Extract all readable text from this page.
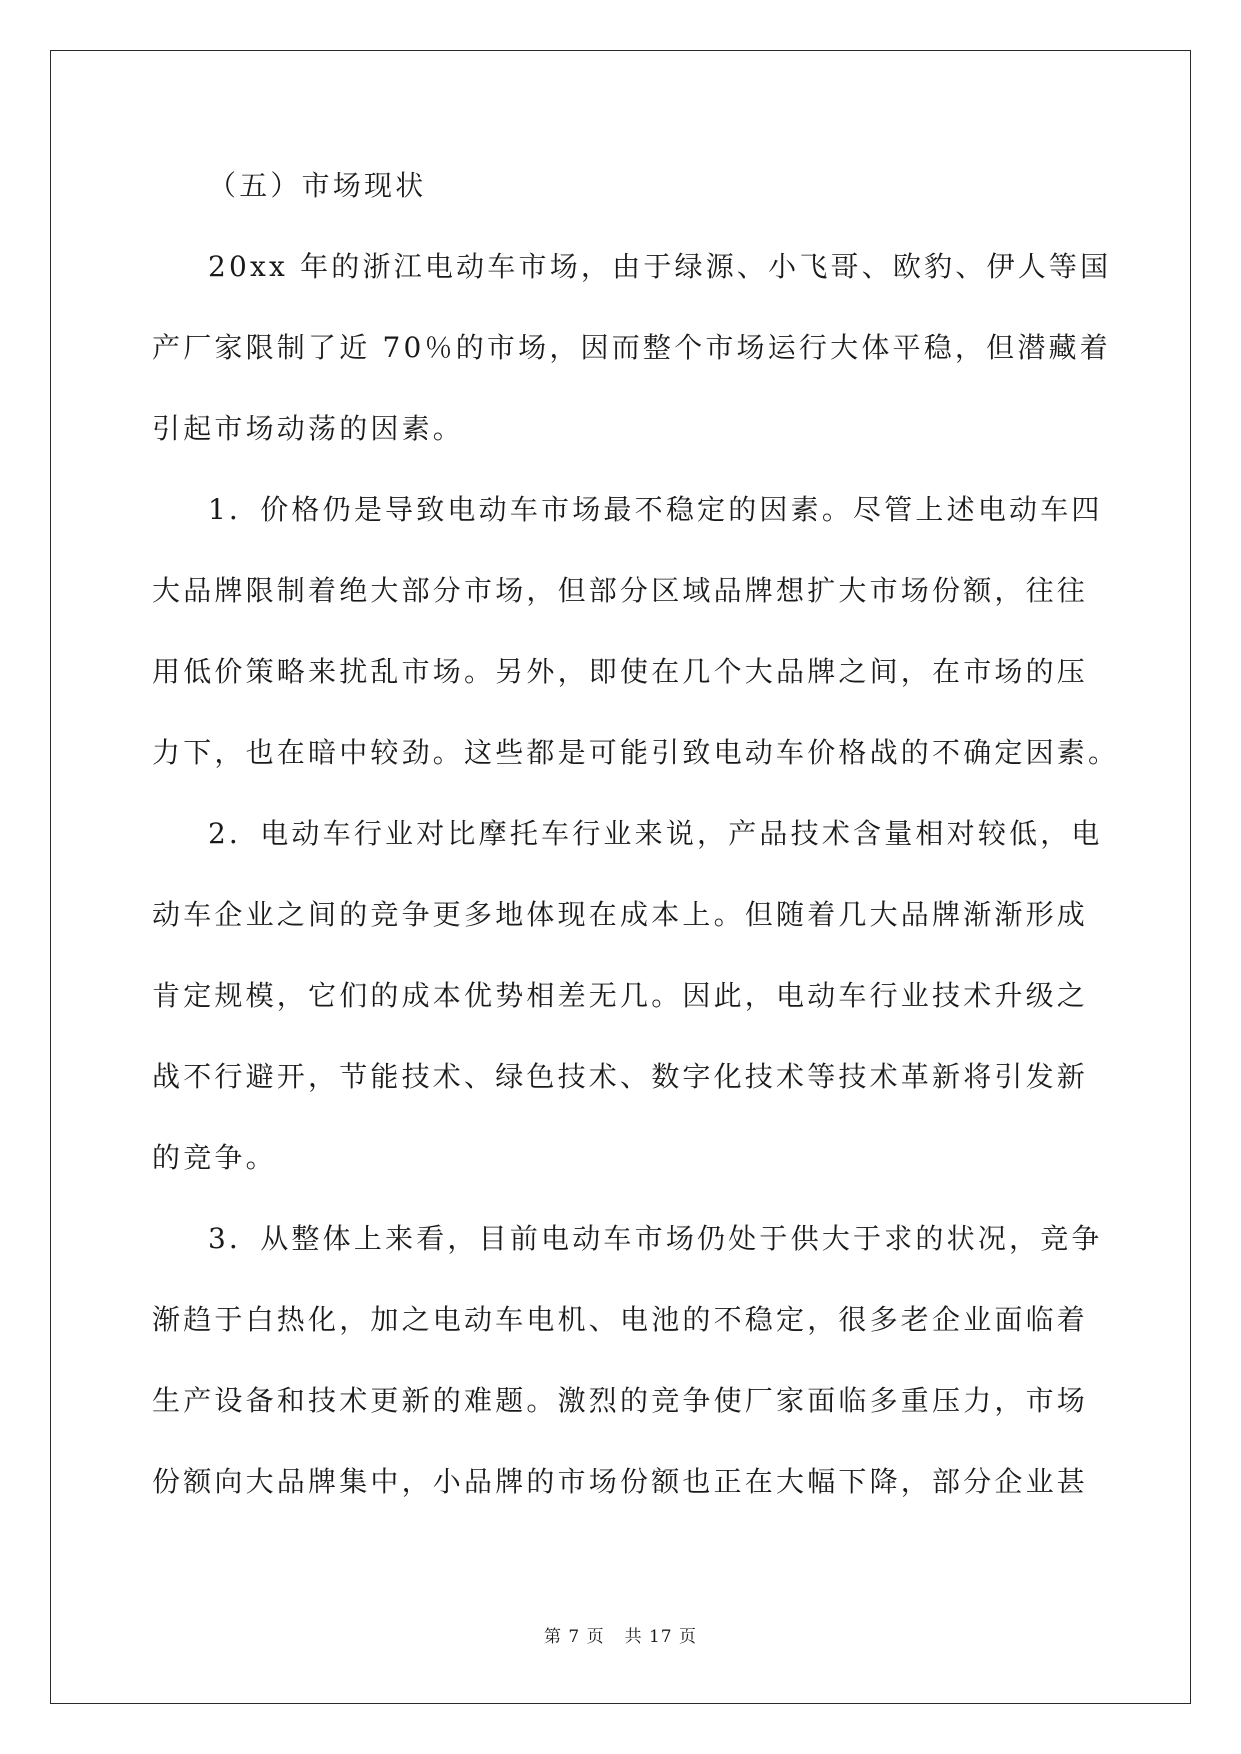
（五）市场现状
20xx 年的浙江电动车市场，由于绿源、小飞哥、欧豹、伊人等国
产厂家限制了近 70％的市场，因而整个市场运行大体平稳，但潜藏着
引起市场动荡的因素。
1．价格仍是导致电动车市场最不稳定的因素。尽管上述电动车四
大品牌限制着绝大部分市场，但部分区域品牌想扩大市场份额，往往
用低价策略来扰乱市场。另外，即使在几个大品牌之间，在市场的压
力下，也在暗中较劲。这些都是可能引致电动车价格战的不确定因素。
2．电动车行业对比摩托车行业来说，产品技术含量相对较低，电
动车企业之间的竞争更多地体现在成本上。但随着几大品牌渐渐形成
肯定规模，它们的成本优势相差无几。因此，电动车行业技术升级之
战不行避开，节能技术、绿色技术、数字化技术等技术革新将引发新
的竞争。
3．从整体上来看，目前电动车市场仍处于供大于求的状况，竞争
渐趋于白热化，加之电动车电机、电池的不稳定，很多老企业面临着
生产设备和技术更新的难题。激烈的竞争使厂家面临多重压力，市场
份额向大品牌集中，小品牌的市场份额也正在大幅下降，部分企业甚
第 7 页 共 17 页
